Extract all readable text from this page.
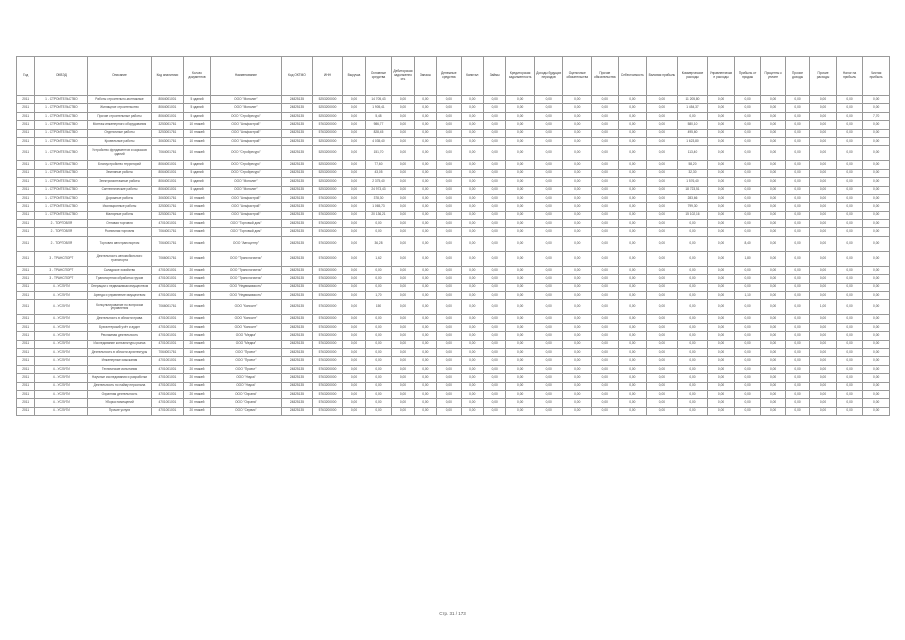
Год	ОКВЭД	Описание	Код аналитики	Кол-во документов	Наименование	Код ОКТМО	ИНН	Выручка	Основные средства	Дебиторская задолженность	Запасы	Денежные средства	Капитал	Займы	Кредиторская задолженность	Доходы будущих периодов	Оценочные обязательства	Прочие обязательства	Себестоимость	Валовая прибыль	Коммерческие расходы	Управленческие расходы	Прибыль от продаж	Проценты к уплате	Прочие доходы	Прочие расходы	Налог на прибыль	Чистая прибыль
2011	1 - СТРОИТЕЛЬСТВО	Работы строительно-монтажные	8064001001	5 зданий	ООО "Монолит"	24825135	5253200000	0,00	14 705,43	0,00	0,00	0,00	0,00	0,00	0,00	0,00	0,00	0,00	0,00	0,00	11 205,80	0,00	0,00	0,00	0,00	0,00	0,00	0,00
2011	1 - СТРОИТЕЛЬСТВО	Жилищное строительство	8064001001	5 зданий	ООО "Монолит"	24825135	5253200000	0,00	1 905,41	0,00	0,00	0,00	0,00	0,00	0,00	0,00	0,00	0,00	0,00	0,00	1 454,37	0,00	0,00	0,00	0,00	0,00	0,00	0,00
2011	1 - СТРОИТЕЛЬСТВО	Прочие строительные работы	8064001001	5 зданий	ООО "Стройресурс"	24825135	5253200000	0,00	5,48	0,00	0,00	0,00	0,00	0,00	0,00	0,00	0,00	0,00	0,00	0,00	0,00	0,00	0,00	0,00	0,00	0,00	0,00	7,70
2011	1 - СТРОИТЕЛЬСТВО	Монтаж инженерного оборудования	3253001761	10 этажей	ООО "Альфастрой"	24825135	5763200000	0,00	986,77	0,00	0,00	0,00	0,00	0,00	0,00	0,00	0,00	0,00	0,00	0,00	580,10	0,00	0,00	0,00	0,00	0,00	0,00	0,00
2011	1 - СТРОИТЕЛЬСТВО	Отделочные работы	3253001761	10 этажей	ООО "Альфастрой"	24825135	5763200000	0,00	828,45	0,00	0,00	0,00	0,00	0,00	0,00	0,00	0,00	0,00	0,00	0,00	495,60	0,00	0,00	0,00	0,00	0,00	0,00	0,00
2011	1 - СТРОИТЕЛЬСТВО	Кровельные работы	3063001761	10 этажей	ООО "Альфастрой"	24825135	5253200000	0,00	4 035,40	0,00	0,00	0,00	0,00	0,00	0,00	0,00	0,00	0,00	0,00	0,00	1 623,80	0,00	0,00	0,00	0,00	0,00	0,00	0,00
2011	1 - СТРОИТЕЛЬСТВО	Устройство фундаментов и каркасов зданий	7064001761	10 этажей	ООО "Стройресурс"	24825135	5253200000	0,00	151,70	0,00	0,00	0,00	0,00	0,00	0,00	0,00	0,00	0,00	0,00	0,00	113,40	0,00	0,00	0,00	0,00	0,00	0,00	0,00
2011	1 - СТРОИТЕЛЬСТВО	Благоустройство территорий	8064001001	5 зданий	ООО "Стройресурс"	24825135	5253200000	0,00	77,60	0,00	0,00	0,00	0,00	0,00	0,00	0,00	0,00	0,00	0,00	0,00	58,20	0,00	0,00	0,00	0,00	0,00	0,00	0,00
2011	1 - СТРОИТЕЛЬСТВО	Земляные работы	8064001001	5 зданий	ООО "Стройресурс"	24825135	5253200000	0,00	43,05	0,00	0,00	0,00	0,00	0,00	0,00	0,00	0,00	0,00	0,00	0,00	32,30	0,00	0,00	0,00	0,00	0,00	0,00	0,00
2011	1 - СТРОИТЕЛЬСТВО	Электромонтажные работы	8064001001	5 зданий	ООО "Монолит"	24825135	5253200000	0,00	2 375,40	0,00	0,00	0,00	0,00	0,00	0,00	0,00	0,00	0,00	0,00	0,00	1 576,40	0,00	0,00	0,00	0,00	0,00	0,00	0,00
2011	1 - СТРОИТЕЛЬСТВО	Сантехнические работы	8064001001	5 зданий	ООО "Монолит"	24825135	5253200000	0,00	24 973,43	0,00	0,00	0,00	0,00	0,00	0,00	0,00	0,00	0,00	0,00	0,00	18 723,51	0,00	0,00	0,00	0,00	0,00	0,00	0,00
2011	1 - СТРОИТЕЛЬСТВО	Дорожные работы	3063001761	10 этажей	ООО "Альфастрой"	24825135	5763200000	0,00	378,30	0,00	0,00	0,00	0,00	0,00	0,00	0,00	0,00	0,00	0,00	0,00	283,66	0,00	0,00	0,00	0,00	0,00	0,00	0,00
2011	1 - СТРОИТЕЛЬСТВО	Изоляционные работы	3253001761	10 этажей	ООО "Альфастрой"	24825135	5763200000	0,00	1 065,73	0,00	0,00	0,00	0,00	0,00	0,00	0,00	0,00	0,00	0,00	0,00	799,30	0,00	0,00	0,00	0,00	0,00	0,00	0,00
2011	1 - СТРОИТЕЛЬСТВО	Малярные работы	3253001761	10 этажей	ООО "Альфастрой"	24825135	5763200000	0,00	20 136,21	0,00	0,00	0,00	0,00	0,00	0,00	0,00	0,00	0,00	0,00	0,00	15 102,16	0,00	0,00	0,00	0,00	0,00	0,00	0,00
2011	2 - ТОРГОВЛЯ	Оптовая торговля	4701001001	20 этажей	ООО "Торговый дом"	24825135	5763200000	0,00	0,00	0,00	0,00	0,00	0,00	0,00	0,00	0,00	0,00	0,00	0,00	0,00	0,00	0,00	0,00	0,00	0,00	0,00	0,00	0,00
2011	2 - ТОРГОВЛЯ	Розничная торговля	7064001761	10 этажей	ООО "Торговый дом"	24825135	5763200000	0,00	0,00	0,00	0,00	0,00	0,00	0,00	0,00	0,00	0,00	0,00	0,00	0,00	0,00	0,00	0,00	0,00	0,00	0,00	0,00	0,00
2011	2 - ТОРГОВЛЯ	Торговля автотранспортом	7064001761	10 этажей	ООО "Автоцентр"	24825135	5763200000	0,00	36,28	0,00	0,00	0,00	0,00	0,00	0,00	0,00	0,00	0,00	0,00	0,00	0,00	0,00	8,40	0,00	0,00	0,00	0,00	0,00
2011	3 - ТРАНСПОРТ	Деятельность автомобильного транспорта	7066001761	10 этажей	ООО "Транслогистик"	24825135	5763200000	0,00	1,62	0,00	0,00	0,00	0,00	0,00	0,00	0,00	0,00	0,00	0,00	0,00	0,00	0,00	1,80	0,00	0,00	0,00	0,00	0,00
2011	3 - ТРАНСПОРТ	Складское хозяйство	4701001001	20 этажей	ООО "Транслогистик"	24825135	5763200000	0,00	0,00	0,00	0,00	0,00	0,00	0,00	0,00	0,00	0,00	0,00	0,00	0,00	0,00	0,00	0,00	0,00	0,00	0,00	0,00	0,00
2011	3 - ТРАНСПОРТ	Транспортная обработка грузов	4701001001	20 этажей	ООО "Транслогистик"	24825135	5763200000	0,00	0,00	0,00	0,00	0,00	0,00	0,00	0,00	0,00	0,00	0,00	0,00	0,00	0,00	0,00	0,00	0,00	0,00	0,00	0,00	0,00
2011	4 - УСЛУГИ	Операции с недвижимым имуществом	4701001001	20 этажей	ООО "Недвижимость"	24825135	5763200000	0,00	0,00	0,00	0,00	0,00	0,00	0,00	0,00	0,00	0,00	0,00	0,00	0,00	0,00	0,00	0,00	0,00	0,00	0,00	0,00	0,00
2011	4 - УСЛУГИ	Аренда и управление имуществом	4701001001	20 этажей	ООО "Недвижимость"	24825135	5763200000	0,00	1,70	0,00	0,00	0,00	0,00	0,00	0,00	0,00	0,00	0,00	0,00	0,00	0,00	0,00	1,10	0,00	0,00	0,00	0,00	0,00
2011	4 - УСЛУГИ	Консультирование по вопросам управления	7066001761	10 этажей	ООО "Консалт"	24825135	5763200000	0,00	150	0,00	0,00	0,00	0,00	0,00	0,00	0,00	0,00	0,00	0,00	0,00	0,00	0,00	0,00	0,00	0,00	1,00	0,00	0,00
2011	4 - УСЛУГИ	Деятельность в области права	4701001001	20 этажей	ООО "Консалт"	24825135	5763200000	0,00	0,00	0,00	0,00	0,00	0,00	0,00	0,00	0,00	0,00	0,00	0,00	0,00	0,00	0,00	0,00	0,00	0,00	0,00	0,00	0,00
2011	4 - УСЛУГИ	Бухгалтерский учёт и аудит	4701001001	20 этажей	ООО "Консалт"	24825135	5763200000	0,00	0,00	0,00	0,00	0,00	0,00	0,00	0,00	0,00	0,00	0,00	0,00	0,00	0,00	0,00	0,00	0,00	0,00	0,00	0,00	0,00
2011	4 - УСЛУГИ	Рекламная деятельность	4701001001	20 этажей	ООО "Медиа"	24825135	5763200000	0,00	0,00	0,00	0,00	0,00	0,00	0,00	0,00	0,00	0,00	0,00	0,00	0,00	0,00	0,00	0,00	0,00	0,00	0,00	0,00	0,00
2011	4 - УСЛУГИ	Исследование конъюнктуры рынка	4701001001	20 этажей	ООО "Медиа"	24825135	5763200000	0,00	0,00	0,00	0,00	0,00	0,00	0,00	0,00	0,00	0,00	0,00	0,00	0,00	0,00	0,00	0,00	0,00	0,00	0,00	0,00	0,00
2011	4 - УСЛУГИ	Деятельность в области архитектуры	7064001761	10 этажей	ООО "Проект"	24825135	5763200000	0,00	0,00	0,00	0,00	0,00	0,00	0,00	0,00	0,00	0,00	0,00	0,00	0,00	0,00	0,00	0,00	0,00	0,00	0,00	0,00	0,00
2011	4 - УСЛУГИ	Инженерные изыскания	4701001001	20 этажей	ООО "Проект"	24825135	5763200000	0,00	0,00	0,00	0,00	0,00	0,00	0,00	0,00	0,00	0,00	0,00	0,00	0,00	0,00	0,00	0,00	0,00	0,00	0,00	0,00	0,00
2011	4 - УСЛУГИ	Технические испытания	4701001001	20 этажей	ООО "Проект"	24825135	5763200000	0,00	0,00	0,00	0,00	0,00	0,00	0,00	0,00	0,00	0,00	0,00	0,00	0,00	0,00	0,00	0,00	0,00	0,00	0,00	0,00	0,00
2011	4 - УСЛУГИ	Научные исследования и разработки	4701001001	20 этажей	ООО "Наука"	24825135	5763200000	0,00	0,00	0,00	0,00	0,00	0,00	0,00	0,00	0,00	0,00	0,00	0,00	0,00	0,00	0,00	0,00	0,00	0,00	0,00	0,00	0,00
2011	4 - УСЛУГИ	Деятельность по найму персонала	4701001001	20 этажей	ООО "Наука"	24825135	5763200000	0,00	0,00	0,00	0,00	0,00	0,00	0,00	0,00	0,00	0,00	0,00	0,00	0,00	0,00	0,00	0,00	0,00	0,00	0,00	0,00	0,00
2011	4 - УСЛУГИ	Охранная деятельность	4701001001	20 этажей	ООО "Охрана"	24825135	5763200000	0,00	0,00	0,00	0,00	0,00	0,00	0,00	0,00	0,00	0,00	0,00	0,00	0,00	0,00	0,00	0,00	0,00	0,00	0,00	0,00	0,00
2011	4 - УСЛУГИ	Уборка помещений	4701001001	20 этажей	ООО "Охрана"	24825135	5763200000	0,00	0,00	0,00	0,00	0,00	0,00	0,00	0,00	0,00	0,00	0,00	0,00	0,00	0,00	0,00	0,00	0,00	0,00	0,00	0,00	0,00
2011	4 - УСЛУГИ	Прочие услуги	4701001001	20 этажей	ООО "Сервис"	24825135	5763200000	0,00	0,00	0,00	0,00	0,00	0,00	0,00	0,00	0,00	0,00	0,00	0,00	0,00	0,00	0,00	0,00	0,00	0,00	0,00	0,00	0,00
Стр. 31 / 173
